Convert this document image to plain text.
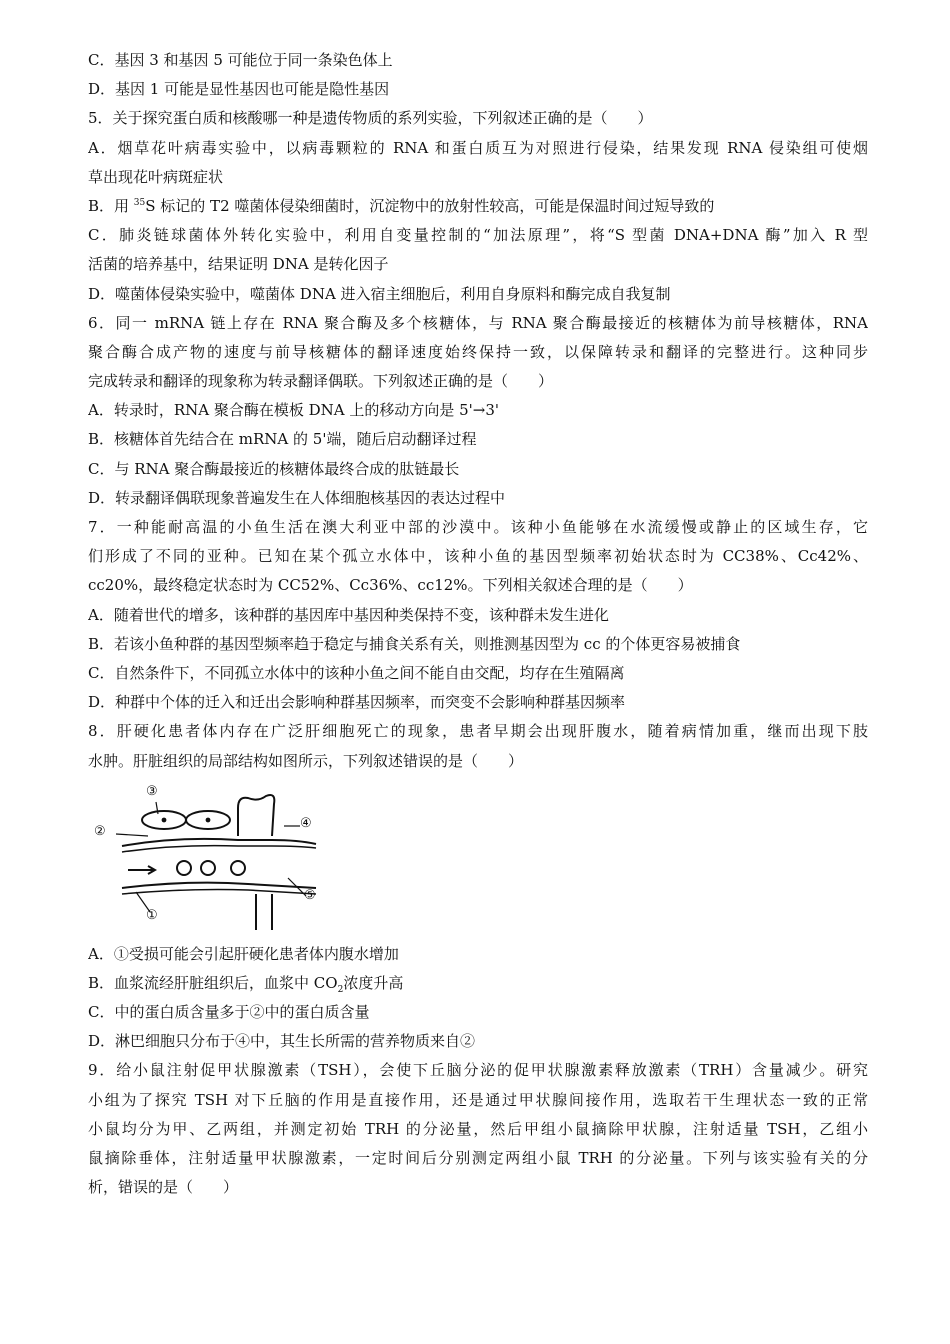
C．基因 3 和基因 5 可能位于同一条染色体上
D．基因 1 可能是显性基因也可能是隐性基因
5．关于探究蛋白质和核酸哪一种是遗传物质的系列实验，下列叙述正确的是（　　）
A．烟草花叶病毒实验中，以病毒颗粒的 RNA 和蛋白质互为对照进行侵染，结果发现 RNA 侵染组可使烟
草出现花叶病斑症状
B．用 $^{35}$S 标记的 T2 噬菌体侵染细菌时，沉淀物中的放射性较高，可能是保温时间过短导致的
C．肺炎链球菌体外转化实验中，利用自变量控制的“加法原理”，将“S 型菌 DNA+DNA 酶”加入 R 型
活菌的培养基中，结果证明 DNA 是转化因子
D．噬菌体侵染实验中，噬菌体 DNA 进入宿主细胞后，利用自身原料和酶完成自我复制
6．同一 mRNA 链上存在 RNA 聚合酶及多个核糖体，与 RNA 聚合酶最接近的核糖体为前导核糖体，RNA
聚合酶合成产物的速度与前导核糖体的翻译速度始终保持一致，以保障转录和翻译的完整进行。这种同步
完成转录和翻译的现象称为转录翻译偶联。下列叙述正确的是（　　）
A．转录时，RNA 聚合酶在模板 DNA 上的移动方向是 5'→3'
B．核糖体首先结合在 mRNA 的 5'端，随后启动翻译过程
C．与 RNA 聚合酶最接近的核糖体最终合成的肽链最长
D．转录翻译偶联现象普遍发生在人体细胞核基因的表达过程中
7．一种能耐高温的小鱼生活在澳大利亚中部的沙漠中。该种小鱼能够在水流缓慢或静止的区域生存，它
们形成了不同的亚种。已知在某个孤立水体中，该种小鱼的基因型频率初始状态时为 CC38%、Cc42%、
cc20%，最终稳定状态时为 CC52%、Cc36%、cc12%。下列相关叙述合理的是（　　）
A．随着世代的增多，该种群的基因库中基因种类保持不变，该种群未发生进化
B．若该小鱼种群的基因型频率趋于稳定与捕食关系有关，则推测基因型为 cc 的个体更容易被捕食
C．自然条件下，不同孤立水体中的该种小鱼之间不能自由交配，均存在生殖隔离
D．种群中个体的迁入和迁出会影响种群基因频率，而突变不会影响种群基因频率
8．肝硬化患者体内存在广泛肝细胞死亡的现象，患者早期会出现肝腹水，随着病情加重，继而出现下肢
水肿。肝脏组织的局部结构如图所示，下列叙述错误的是（　　）
③
②
④
⑤
①
A．①受损可能会引起肝硬化患者体内腹水增加
B．血浆流经肝脏组织后，血浆中 $CO_2$浓度升高
C．中的蛋白质含量多于②中的蛋白质含量
D．淋巴细胞只分布于④中，其生长所需的营养物质来自②
9．给小鼠注射促甲状腺激素（TSH），会使下丘脑分泌的促甲状腺激素释放激素（TRH）含量减少。研究
小组为了探究 TSH 对下丘脑的作用是直接作用，还是通过甲状腺间接作用，选取若干生理状态一致的正常
小鼠均分为甲、乙两组，并测定初始 TRH 的分泌量，然后甲组小鼠摘除甲状腺，注射适量 TSH，乙组小
鼠摘除垂体，注射适量甲状腺激素，一定时间后分别测定两组小鼠 TRH 的分泌量。下列与该实验有关的分
析，错误的是（　　）
